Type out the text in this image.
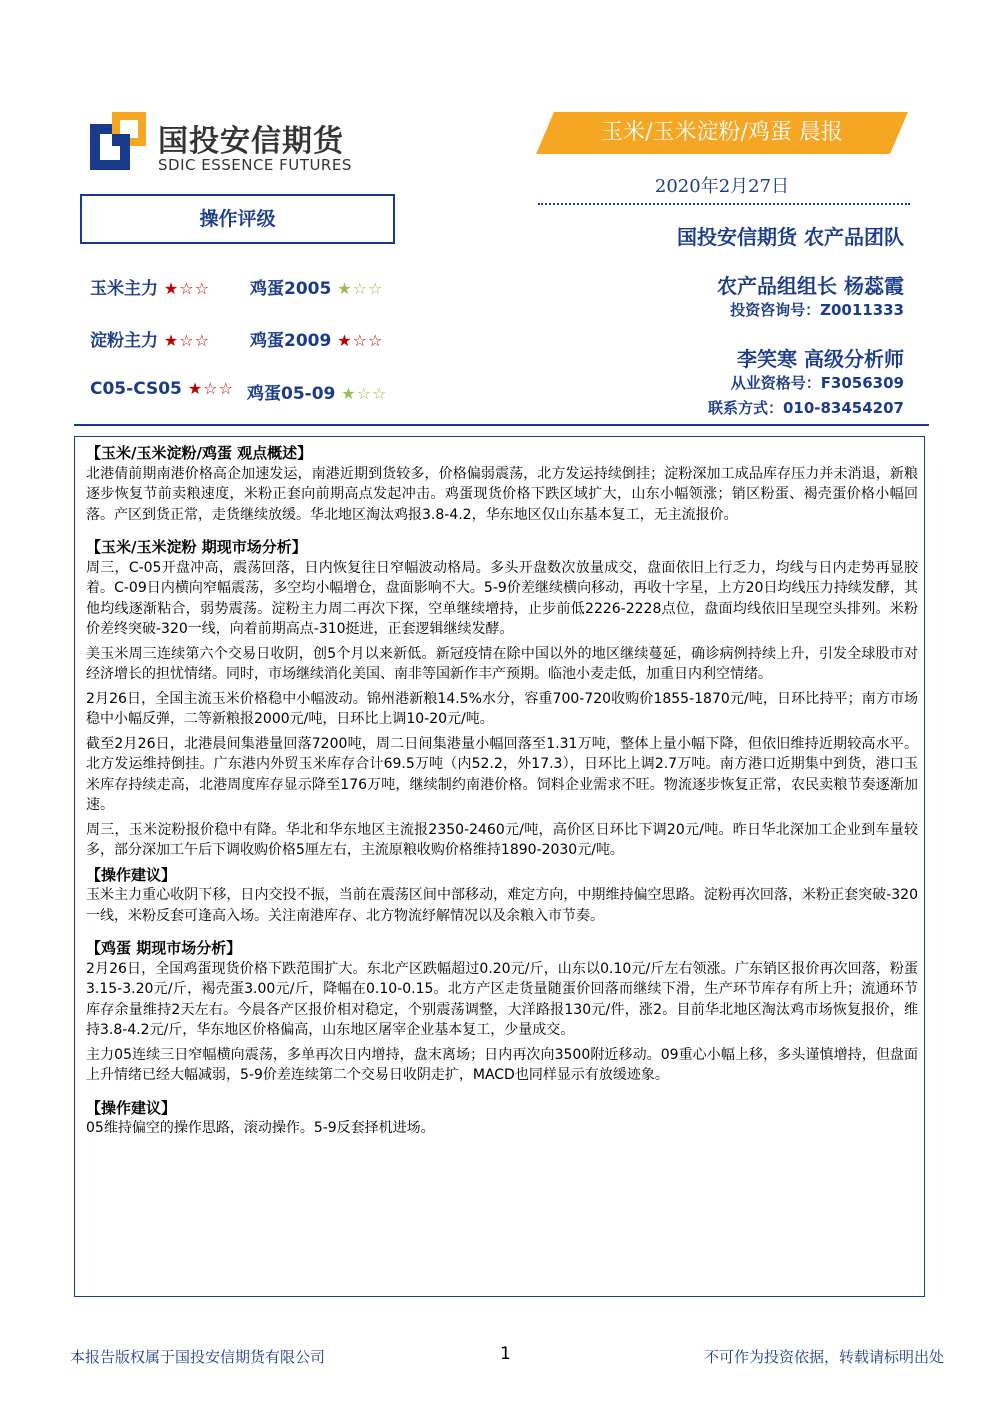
国投安信期货
SDIC ESSENCE FUTURES
玉米/玉米淀粉/鸡蛋 晨报
2020年2月27日
国投安信期货 农产品团队
农产品组组长 杨蕊霞
投资咨询号：Z0011333
李笑寒 高级分析师
从业资格号：F3056309
联系方式：010-83454207
操作评级
玉米主力 ★☆☆ 鸡蛋2005 ★☆☆
淀粉主力 ★☆☆ 鸡蛋2009 ★☆☆
C05-CS05 ★☆☆ 鸡蛋05-09 ★☆☆

【玉米/玉米淀粉/鸡蛋 观点概述】

北港倩前期南港价格高企加速发运，南港近期到货较多，价格偏弱震荡，北方发运持续倒挂；淀粉深加工成品库存压力并未消退，新粮逐步恢复节前卖粮速度，米粉正套向前期高点发起冲击。鸡蛋现货价格下跌区域扩大，山东小幅领涨；销区粉蛋、褐壳蛋价格小幅回落。产区到货正常，走货继续放缓。华北地区淘汰鸡报3.8-4.2，华东地区仅山东基本复工，无主流报价。

【玉米/玉米淀粉 期现市场分析】

周三，C-05开盘冲高，震荡回落，日内恢复往日窄幅波动格局。多头开盘数次放量成交，盘面依旧上行乏力，均线与日内走势再显胶着。C-09日内横向窄幅震荡，多空均小幅增仓，盘面影响不大。5-9价差继续横向移动，再收十字星，上方20日均线压力持续发酵，其他均线逐渐粘合，弱势震荡。淀粉主力周二再次下探，空单继续增持，止步前低2226-2228点位，盘面均线依旧呈现空头排列。米粉价差终突破-320一线，向着前期高点-310挺进，正套逻辑继续发酵。

美玉米周三连续第六个交易日收阴，创5个月以来新低。新冠疫情在除中国以外的地区继续蔓延，确诊病例持续上升，引发全球股市对经济增长的担忧情绪。同时，市场继续消化美国、南非等国新作丰产预期。临池小麦走低，加重日内利空情绪。

2月26日，全国主流玉米价格稳中小幅波动。锦州港新粮14.5%水分，容重700-720收购价1855-1870元/吨，日环比持平；南方市场稳中小幅反弹，二等新粮报2000元/吨，日环比上调10-20元/吨。

截至2月26日，北港晨间集港量回落7200吨，周二日间集港量小幅回落至1.31万吨，整体上量小幅下降，但依旧维持近期较高水平。北方发运维持倒挂。广东港内外贸玉米库存合计69.5万吨（内52.2，外17.3），日环比上调2.7万吨。南方港口近期集中到货，港口玉米库存持续走高，北港周度库存显示降至176万吨，继续制约南港价格。饲料企业需求不旺。物流逐步恢复正常，农民卖粮节奏逐渐加速。

周三，玉米淀粉报价稳中有降。华北和华东地区主流报2350-2460元/吨，高价区日环比下调20元/吨。昨日华北深加工企业到车量较多，部分深加工午后下调收购价格5厘左右，主流原粮收购价格维持1890-2030元/吨。

【操作建议】

玉米主力重心收阴下移，日内交投不振，当前在震荡区间中部移动，难定方向，中期维持偏空思路。淀粉再次回落，米粉正套突破-320一线，米粉反套可逢高入场。关注南港库存、北方物流纾解情况以及余粮入市节奏。

【鸡蛋 期现市场分析】

2月26日，全国鸡蛋现货价格下跌范围扩大。东北产区跌幅超过0.20元/斤，山东以0.10元/斤左右领涨。广东销区报价再次回落，粉蛋3.15-3.20元/斤，褐壳蛋3.00元/斤，降幅在0.10-0.15。北方产区走货量随蛋价回落而继续下滑，生产环节库存有所上升；流通环节库存余量维持2天左右。今晨各产区报价相对稳定，个别震荡调整，大洋路报130元/件，涨2。目前华北地区淘汰鸡市场恢复报价，维持3.8-4.2元/斤，华东地区价格偏高，山东地区屠宰企业基本复工，少量成交。

主力05连续三日窄幅横向震荡，多单再次日内增持，盘末离场；日内再次向3500附近移动。09重心小幅上移，多头谨慎增持，但盘面上升情绪已经大幅减弱，5-9价差连续第二个交易日收阴走扩，MACD也同样显示有放缓迹象。

【操作建议】

05维持偏空的操作思路，滚动操作。5-9反套择机进场。

本报告版权属于国投安信期货有限公司	1	不可作为投资依据，转载请标明出处
